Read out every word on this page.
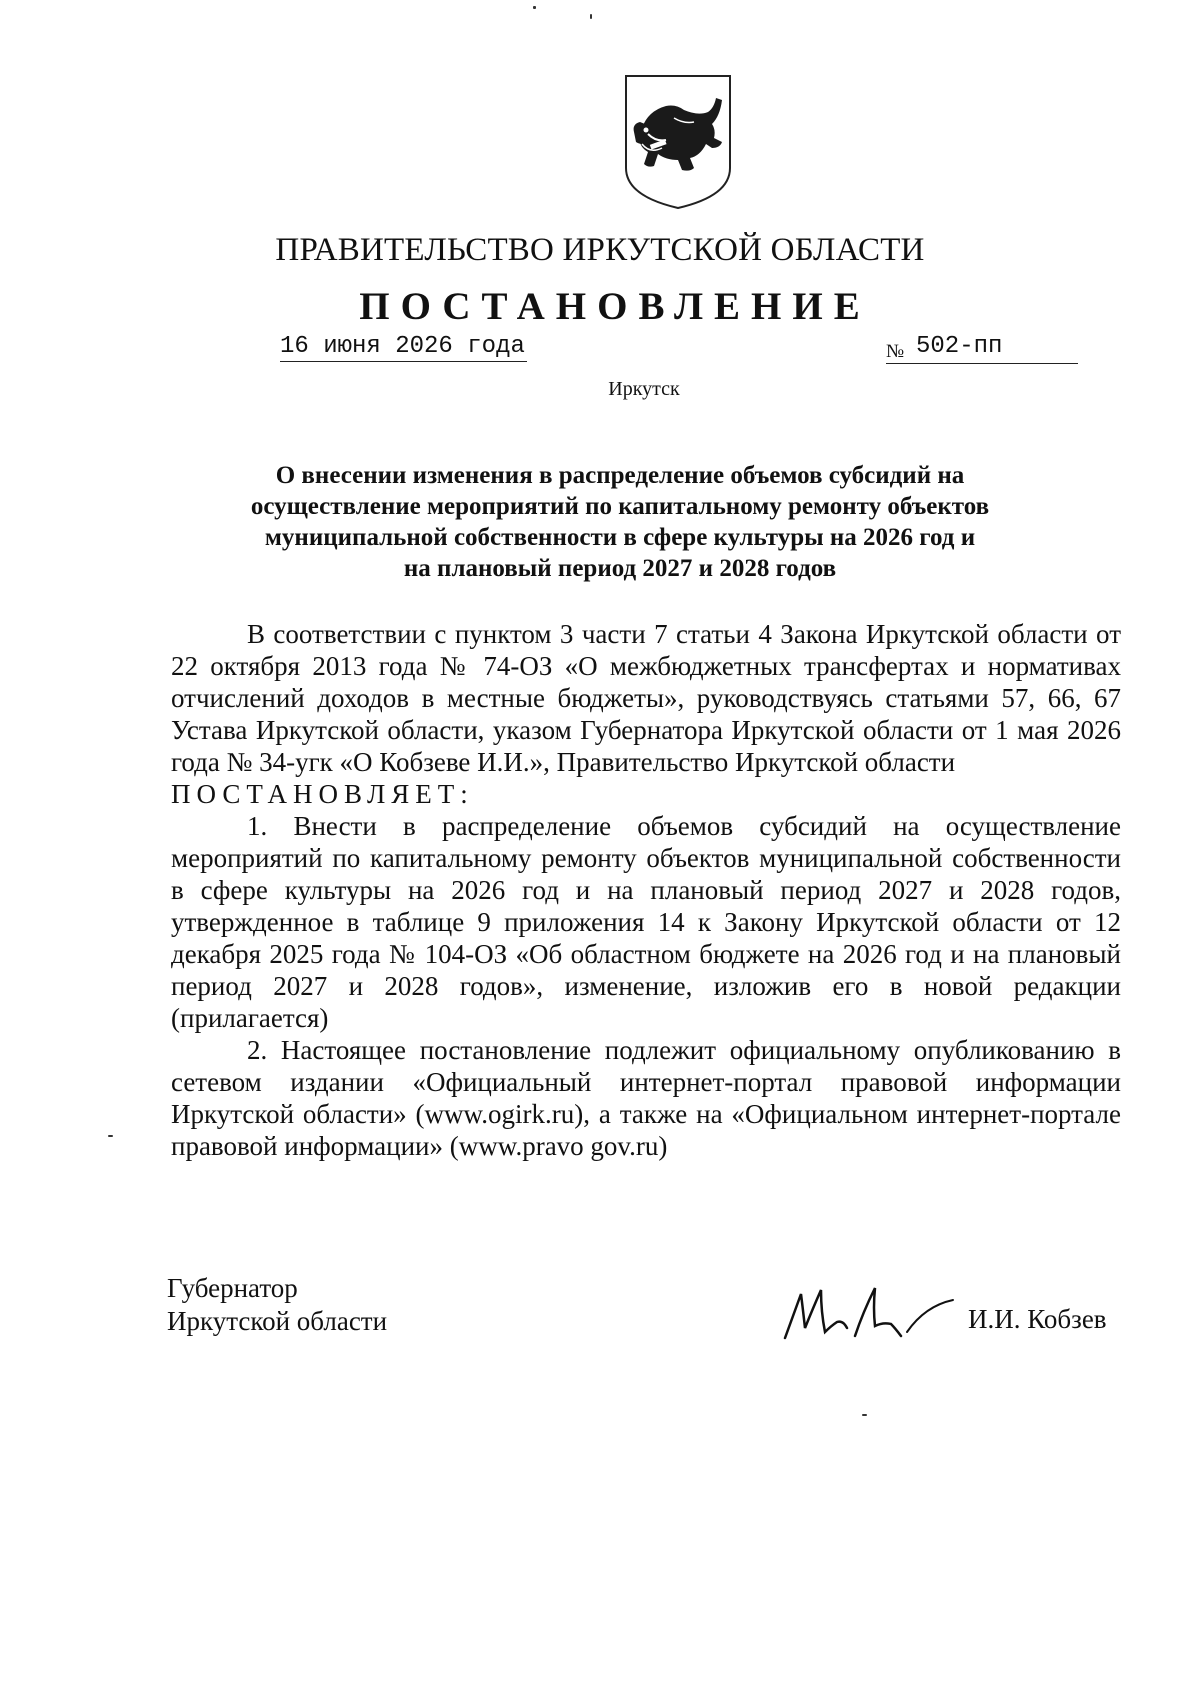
ПРАВИТЕЛЬСТВО ИРКУТСКОЙ ОБЛАСТИ
ПОСТАНОВЛЕНИЕ
16 июня 2026 года	№ 502-пп
Иркутск
О внесении изменения в распределение объемов субсидий на
осуществление мероприятий по капитальному ремонту объектов
муниципальной собственности в сфере культуры на 2026 год и
на плановый период 2027 и 2028 годов

В соответствии с пунктом 3 части 7 статьи 4 Закона Иркутской области от 22 октября 2013 года № 74-ОЗ «О межбюджетных трансфертах и нормативах отчислений доходов в местные бюджеты», руководствуясь статьями 57, 66, 67 Устава Иркутской области, указом Губернатора Иркутской области от 1 мая 2026 года № 34-угк «О Кобзеве И.И.», Правительство Иркутской области

ПОСТАНОВЛЯЕТ:

1. Внести в распределение объемов субсидий на осуществление мероприятий по капитальному ремонту объектов муниципальной собственности в сфере культуры на 2026 год и на плановый период 2027 и 2028 годов, утвержденное в таблице 9 приложения 14 к Закону Иркутской области от 12 декабря 2025 года № 104-ОЗ «Об областном бюджете на 2026 год и на плановый период 2027 и 2028 годов», изменение, изложив его в новой редакции (прилагается)

2. Настоящее постановление подлежит официальному опубликованию в сетевом издании «Официальный интернет-портал правовой информации Иркутской области» (www.ogirk.ru), а также на «Официальном интернет-портале правовой информации» (www.pravo gov.ru)

Губернатор
Иркутской области	И.И. Кобзев
